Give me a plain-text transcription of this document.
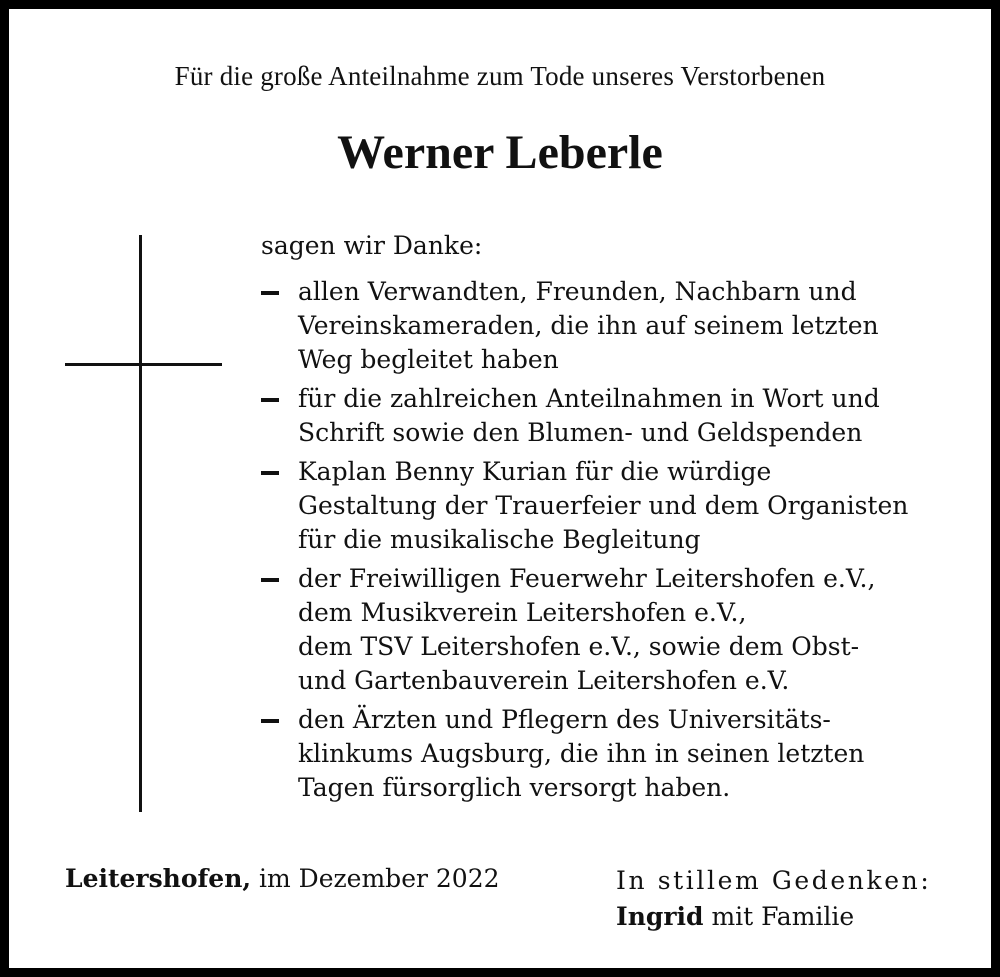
Für die große Anteilnahme zum Tode unseres Verstorbenen
Werner Leberle
sagen wir Danke:
allen Verwandten, Freunden, Nachbarn und
Vereinskameraden, die ihn auf seinem letzten
Weg begleitet haben
für die zahlreichen Anteilnahmen in Wort und
Schrift sowie den Blumen- und Geldspenden
Kaplan Benny Kurian für die würdige
Gestaltung der Trauerfeier und dem Organisten
für die musikalische Begleitung
der Freiwilligen Feuerwehr Leitershofen e.V.,
dem Musikverein Leitershofen e.V.,
dem TSV Leitershofen e.V., sowie dem Obst-
und Gartenbauverein Leitershofen e.V.
den Ärzten und Pflegern des Universitäts-
klinkums Augsburg, die ihn in seinen letzten
Tagen fürsorglich versorgt haben.
Leitershofen, im Dezember 2022	In stillem Gedenken:
Ingrid mit Familie
